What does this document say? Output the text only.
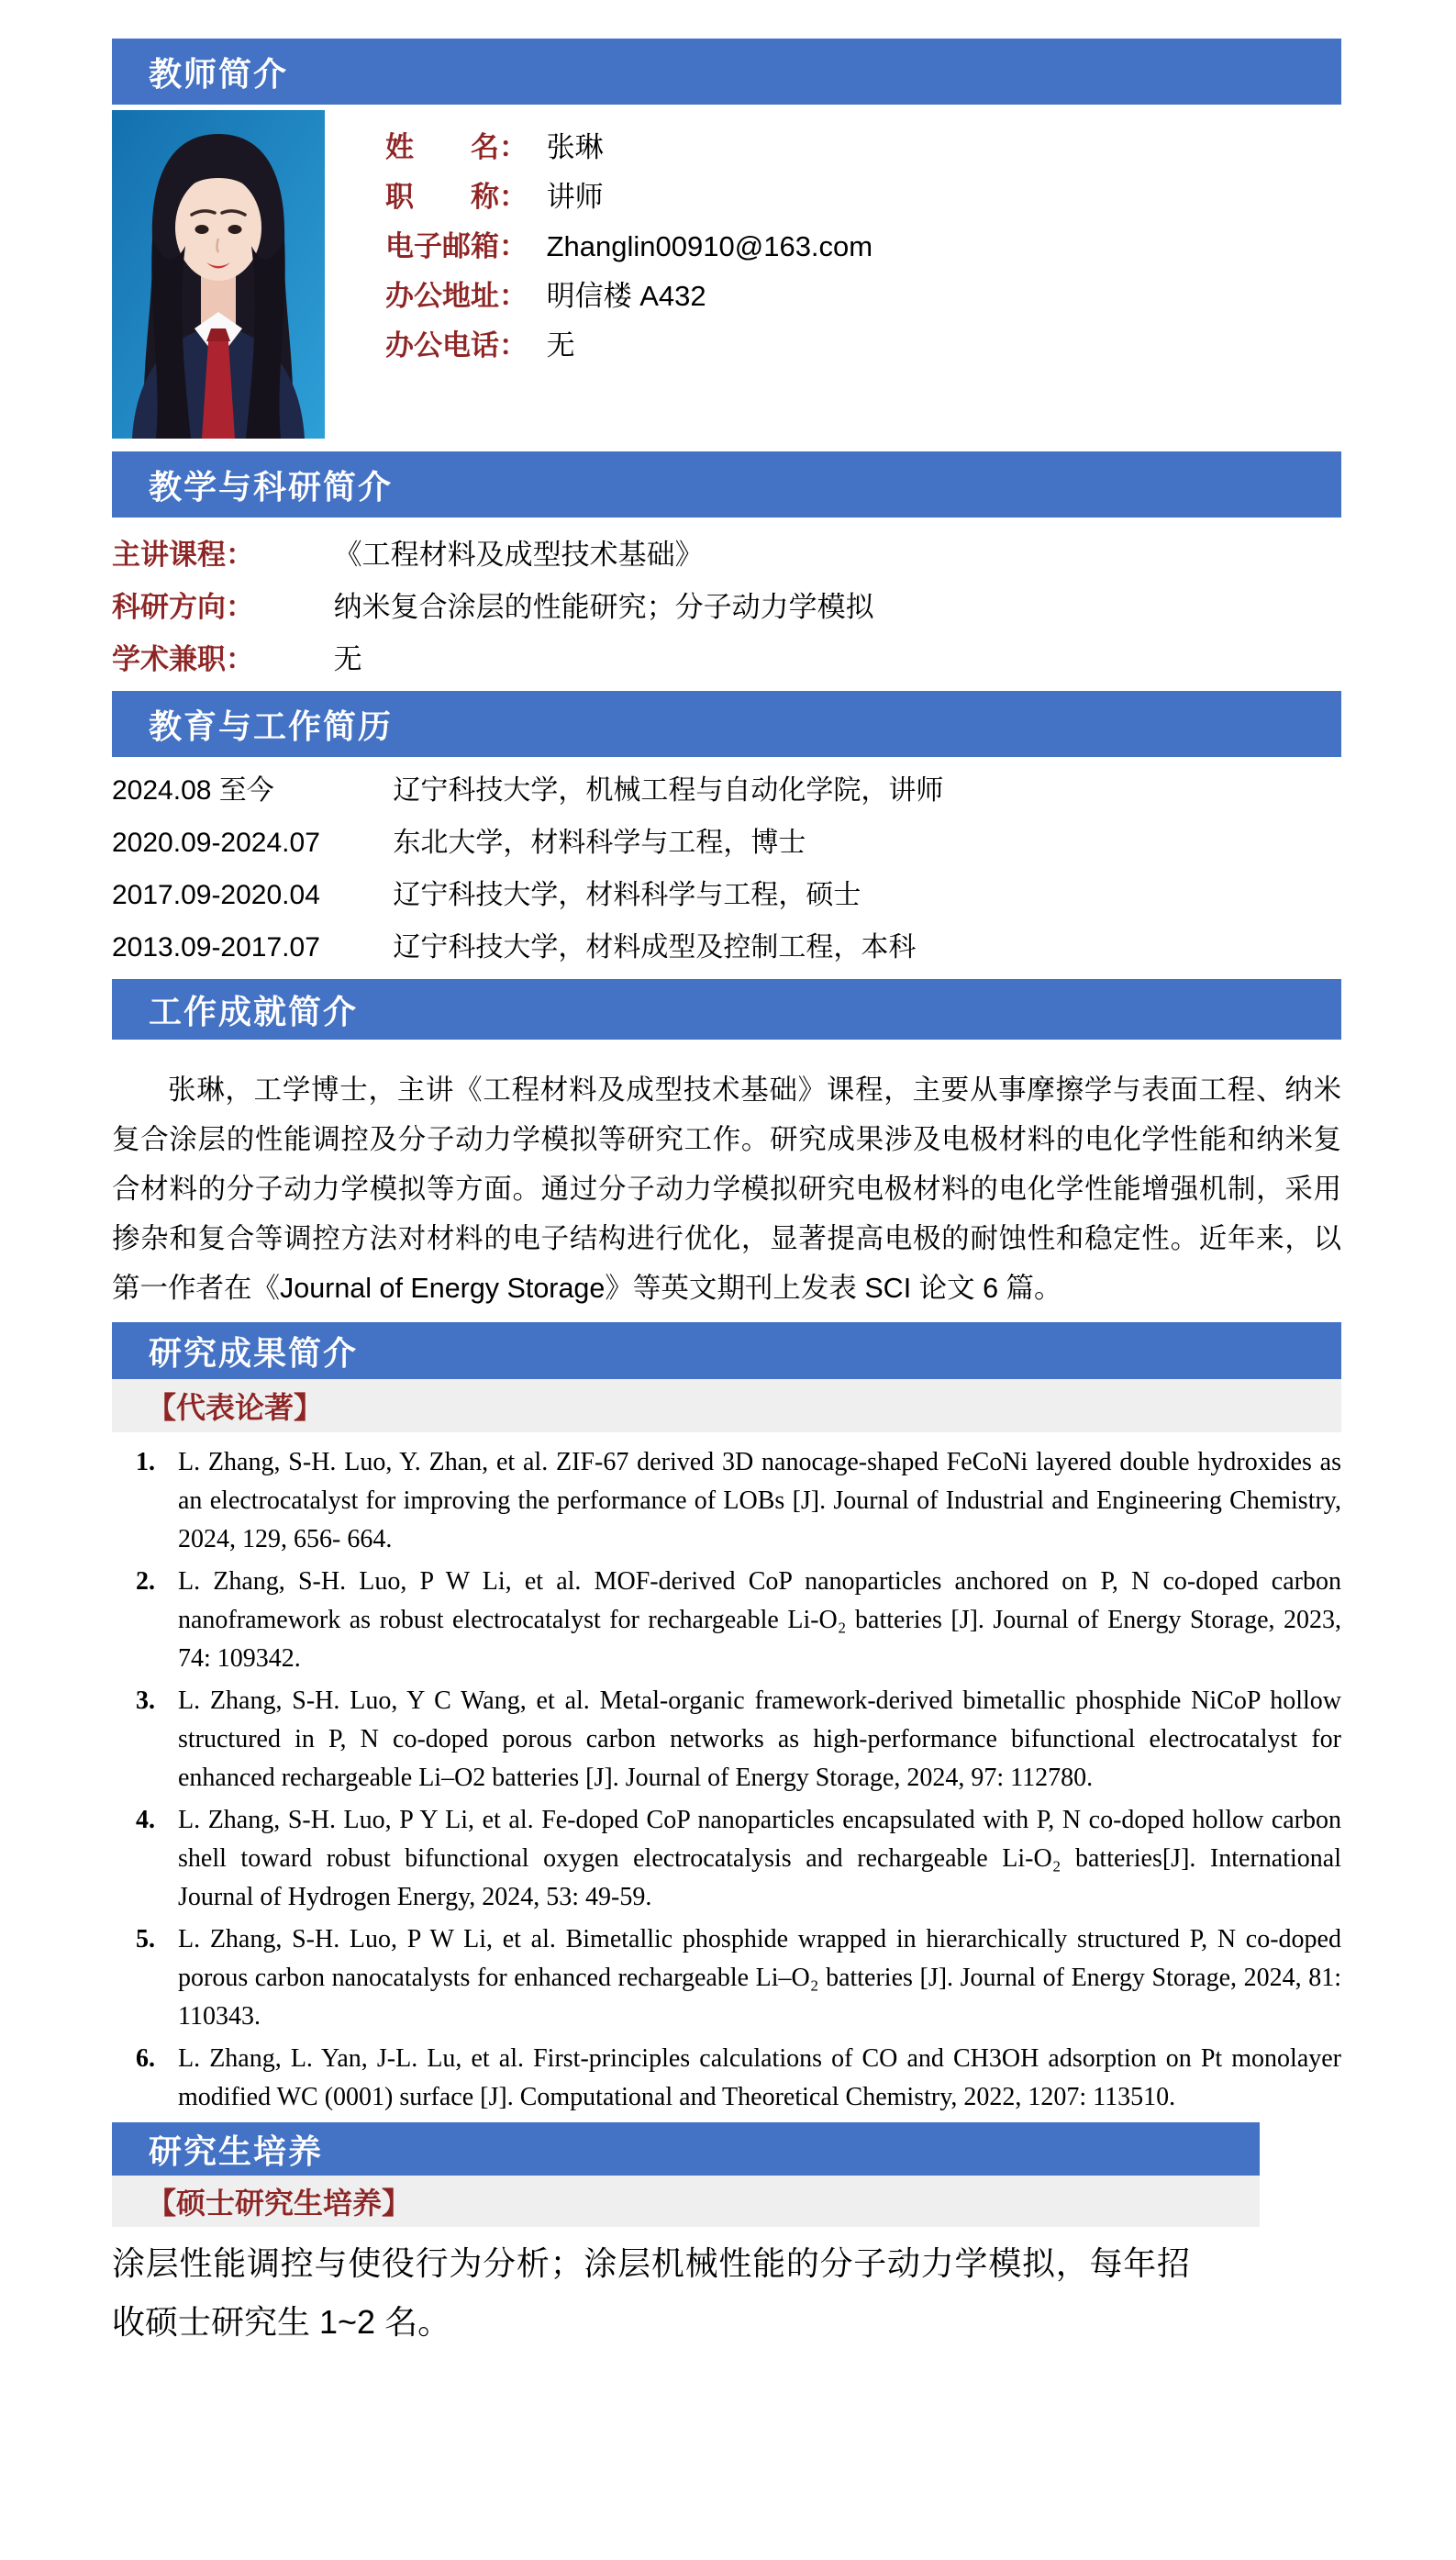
教师简介
姓　　名： 张琳
职　　称： 讲师
电子邮箱： Zhanglin00910@163.com
办公地址： 明信楼 A432
办公电话： 无
教学与科研简介
主讲课程：	《工程材料及成型技术基础》
科研方向：	纳米复合涂层的性能研究；分子动力学模拟
学术兼职：	无
教育与工作简历
2024.08 至今	辽宁科技大学，机械工程与自动化学院，讲师
2020.09-2024.07	东北大学，材料科学与工程，博士
2017.09-2020.04	辽宁科技大学，材料科学与工程，硕士
2013.09-2017.07	辽宁科技大学，材料成型及控制工程，本科
工作成就简介

张琳，工学博士，主讲《工程材料及成型技术基础》课程，主要从事摩擦学与表面工程、纳米复合涂层的性能调控及分子动力学模拟等研究工作。研究成果涉及电极材料的电化学性能和纳米复合材料的分子动力学模拟等方面。通过分子动力学模拟研究电极材料的电化学性能增强机制，采用掺杂和复合等调控方法对材料的电子结构进行优化，显著提高电极的耐蚀性和稳定性。近年来，以第一作者在《Journal of Energy Storage》等英文期刊上发表 SCI 论文 6 篇。

研究成果简介
【代表论著】
1. L. Zhang, S-H. Luo, Y. Zhan, et al. ZIF-67 derived 3D nanocage-shaped FeCoNi layered double hydroxides as an electrocatalyst for improving the performance of LOBs [J]. Journal of Industrial and Engineering Chemistry, 2024, 129, 656- 664.
2. L. Zhang, S-H. Luo, P W Li, et al. MOF-derived CoP nanoparticles anchored on P, N co-doped carbon nanoframework as robust electrocatalyst for rechargeable Li-O₂ batteries [J]. Journal of Energy Storage, 2023, 74: 109342.
3. L. Zhang, S-H. Luo, Y C Wang, et al. Metal-organic framework-derived bimetallic phosphide NiCoP hollow structured in P, N co-doped porous carbon networks as high-performance bifunctional electrocatalyst for enhanced rechargeable Li–O2 batteries [J]. Journal of Energy Storage, 2024, 97: 112780.
4. L. Zhang, S-H. Luo, P Y Li, et al. Fe-doped CoP nanoparticles encapsulated with P, N co-doped hollow carbon shell toward robust bifunctional oxygen electrocatalysis and rechargeable Li-O₂ batteries[J]. International Journal of Hydrogen Energy, 2024, 53: 49-59.
5. L. Zhang, S-H. Luo, P W Li, et al. Bimetallic phosphide wrapped in hierarchically structured P, N co-doped porous carbon nanocatalysts for enhanced rechargeable Li–O₂ batteries [J]. Journal of Energy Storage, 2024, 81: 110343.
6. L. Zhang, L. Yan, J-L. Lu, et al. First-principles calculations of CO and CH3OH adsorption on Pt monolayer modified WC (0001) surface [J]. Computational and Theoretical Chemistry, 2022, 1207: 113510.
研究生培养
【硕士研究生培养】

涂层性能调控与使役行为分析；涂层机械性能的分子动力学模拟，每年招收硕士研究生 1~2 名。
